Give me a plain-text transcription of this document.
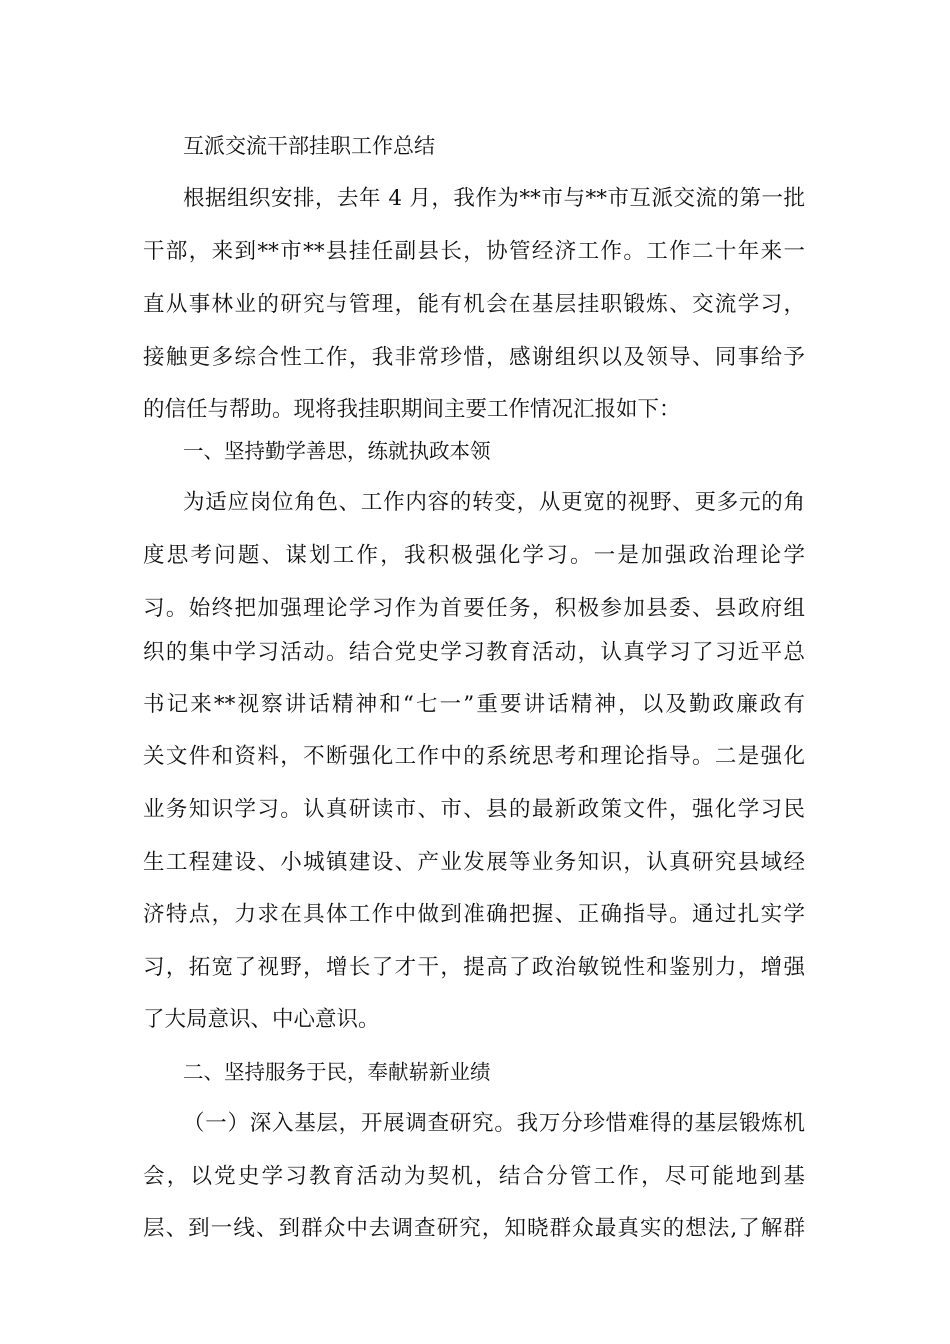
互派交流干部挂职工作总结
根据组织安排，去年 4 月，我作为**市与**市互派交流的第一批
干部，来到**市**县挂任副县长，协管经济工作。工作二十年来一
直从事林业的研究与管理，能有机会在基层挂职锻炼、交流学习，
接触更多综合性工作，我非常珍惜，感谢组织以及领导、同事给予
的信任与帮助。现将我挂职期间主要工作情况汇报如下：
一、坚持勤学善思，练就执政本领
为适应岗位角色、工作内容的转变，从更宽的视野、更多元的角
度思考问题、谋划工作，我积极强化学习。一是加强政治理论学
习。始终把加强理论学习作为首要任务，积极参加县委、县政府组
织的集中学习活动。结合党史学习教育活动，认真学习了习近平总
书记来**视察讲话精神和“七一”重要讲话精神，以及勤政廉政有
关文件和资料，不断强化工作中的系统思考和理论指导。二是强化
业务知识学习。认真研读市、市、县的最新政策文件，强化学习民
生工程建设、小城镇建设、产业发展等业务知识，认真研究县域经
济特点，力求在具体工作中做到准确把握、正确指导。通过扎实学
习，拓宽了视野，增长了才干，提高了政治敏锐性和鉴别力，增强
了大局意识、中心意识。
二、坚持服务于民，奉献崭新业绩
（一）深入基层，开展调查研究。我万分珍惜难得的基层锻炼机
会，以党史学习教育活动为契机，结合分管工作，尽可能地到基
层、到一线、到群众中去调查研究，知晓群众最真实的想法,了解群
